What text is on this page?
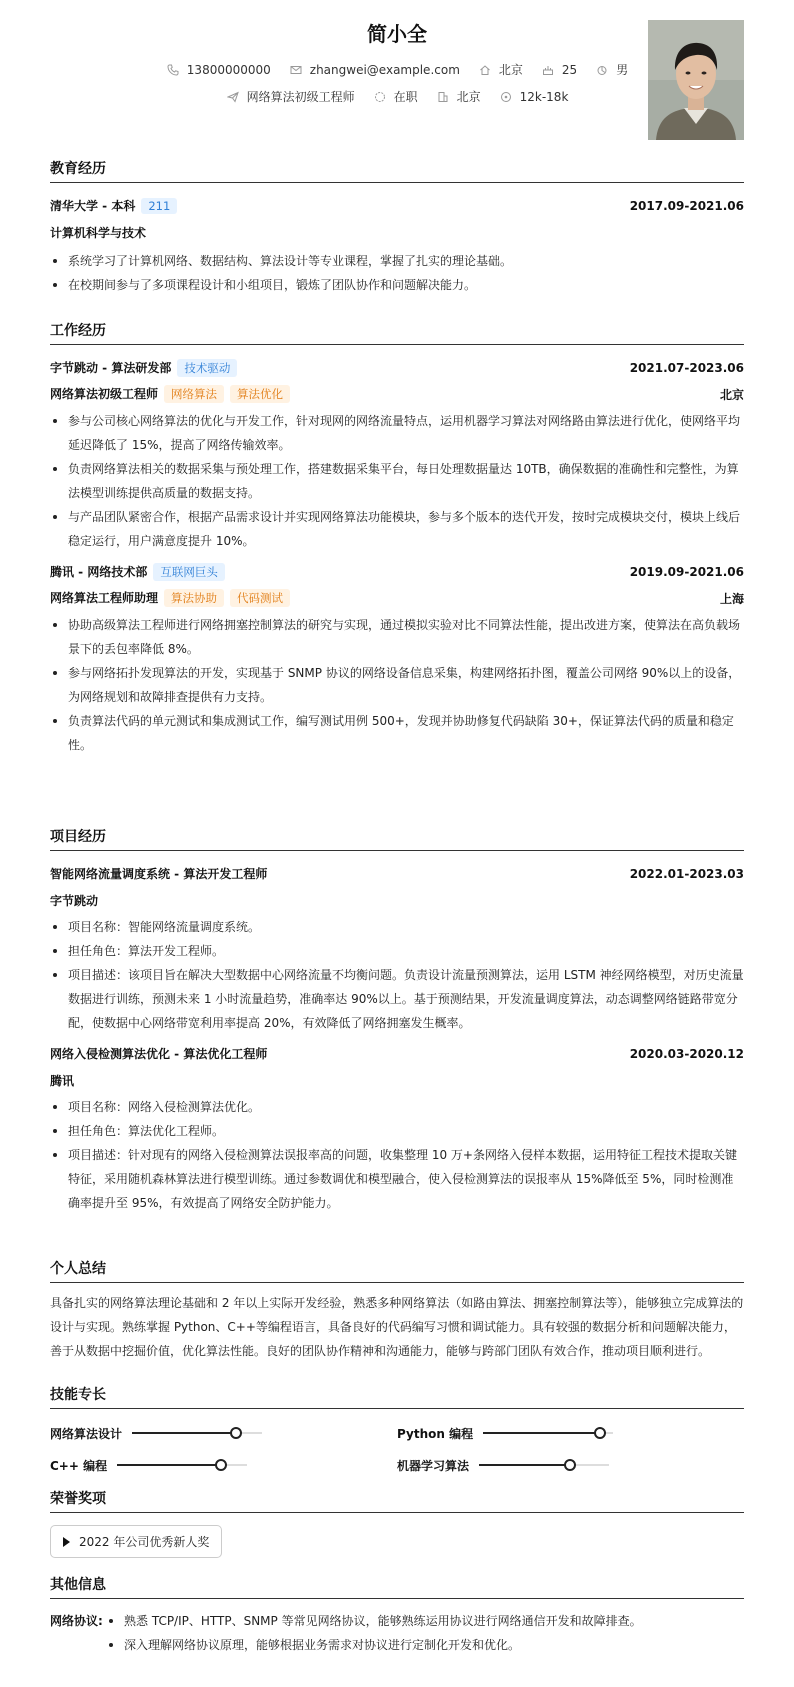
简小全
13800000000	zhangwei@example.com	北京	25	男
网络算法初级工程师	在职	北京	12k-18k
教育经历
清华大学 - 本科 211	2017.09-2021.06
计算机科学与技术
系统学习了计算机网络、数据结构、算法设计等专业课程，掌握了扎实的理论基础。
在校期间参与了多项课程设计和小组项目，锻炼了团队协作和问题解决能力。
工作经历
字节跳动 - 算法研发部 技术驱动	2021.07-2023.06
网络算法初级工程师 网络算法 算法优化	北京
参与公司核心网络算法的优化与开发工作，针对现网的网络流量特点，运用机器学习算法对网络路由算法进行优化，使网络平均延迟降低了 15%，提高了网络传输效率。
负责网络算法相关的数据采集与预处理工作，搭建数据采集平台，每日处理数据量达 10TB，确保数据的准确性和完整性，为算法模型训练提供高质量的数据支持。
与产品团队紧密合作，根据产品需求设计并实现网络算法功能模块，参与多个版本的迭代开发，按时完成模块交付，模块上线后稳定运行，用户满意度提升 10%。
腾讯 - 网络技术部 互联网巨头	2019.09-2021.06
网络算法工程师助理 算法协助 代码测试	上海
协助高级算法工程师进行网络拥塞控制算法的研究与实现，通过模拟实验对比不同算法性能，提出改进方案，使算法在高负载场景下的丢包率降低 8%。
参与网络拓扑发现算法的开发，实现基于 SNMP 协议的网络设备信息采集，构建网络拓扑图，覆盖公司网络 90%以上的设备，为网络规划和故障排查提供有力支持。
负责算法代码的单元测试和集成测试工作，编写测试用例 500+，发现并协助修复代码缺陷 30+，保证算法代码的质量和稳定性。
项目经历
智能网络流量调度系统 - 算法开发工程师	2022.01-2023.03
字节跳动
项目名称：智能网络流量调度系统。
担任角色：算法开发工程师。
项目描述：该项目旨在解决大型数据中心网络流量不均衡问题。负责设计流量预测算法，运用 LSTM 神经网络模型，对历史流量数据进行训练，预测未来 1 小时流量趋势，准确率达 90%以上。基于预测结果，开发流量调度算法，动态调整网络链路带宽分配，使数据中心网络带宽利用率提高 20%，有效降低了网络拥塞发生概率。
网络入侵检测算法优化 - 算法优化工程师	2020.03-2020.12
腾讯
项目名称：网络入侵检测算法优化。
担任角色：算法优化工程师。
项目描述：针对现有的网络入侵检测算法误报率高的问题，收集整理 10 万+条网络入侵样本数据，运用特征工程技术提取关键特征，采用随机森林算法进行模型训练。通过参数调优和模型融合，使入侵检测算法的误报率从 15%降低至 5%，同时检测准确率提升至 95%，有效提高了网络安全防护能力。
个人总结
具备扎实的网络算法理论基础和 2 年以上实际开发经验，熟悉多种网络算法（如路由算法、拥塞控制算法等），能够独立完成算法的设计与实现。熟练掌握 Python、C++等编程语言，具备良好的代码编写习惯和调试能力。具有较强的数据分析和问题解决能力，善于从数据中挖掘价值，优化算法性能。良好的团队协作精神和沟通能力，能够与跨部门团队有效合作，推动项目顺利进行。
技能专长
网络算法设计	Python 编程
C++ 编程	机器学习算法
荣誉奖项
2022 年公司优秀新人奖
其他信息
网络协议:	熟悉 TCP/IP、HTTP、SNMP 等常见网络协议，能够熟练运用协议进行网络通信开发和故障排查。
深入理解网络协议原理，能够根据业务需求对协议进行定制化开发和优化。
